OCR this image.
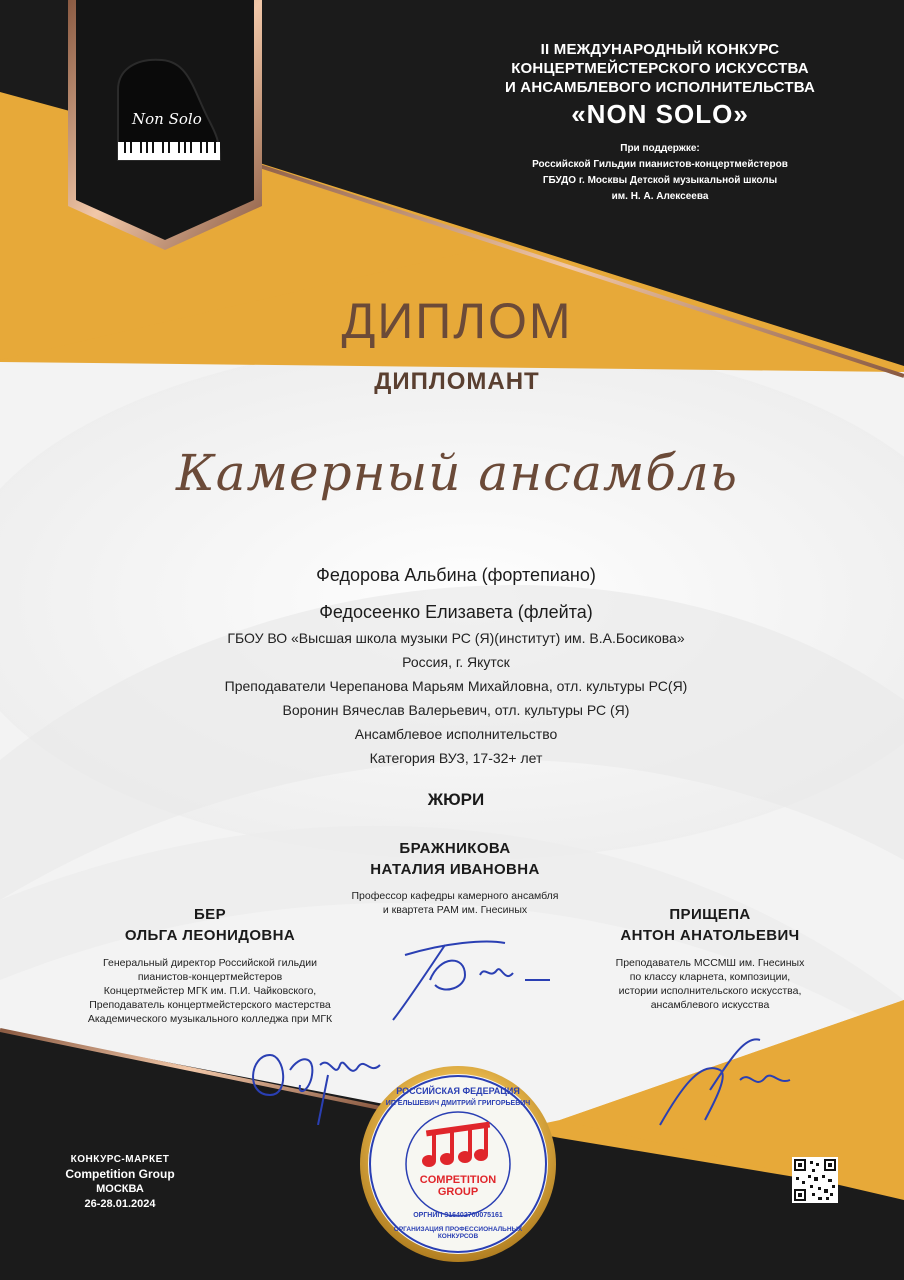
Non Solo
II МЕЖДУНАРОДНЫЙ КОНКУРС
КОНЦЕРТМЕЙСТЕРСКОГО ИСКУССТВА
И АНСАМБЛЕВОГО ИСПОЛНИТЕЛЬСТВА
«NON SOLO»
При поддержке:
Российской Гильдии пианистов-концертмейстеров
ГБУДО г. Москвы Детской музыкальной школы
им. Н. А. Алексеева
ДИПЛОМ
ДИПЛОМАНТ
Камерный ансамбль
Федорова Альбина (фортепиано)
Федосеенко Елизавета (флейта)
ГБОУ ВО «Высшая школа музыки РС (Я)(институт) им. В.А.Босикова»
Россия, г. Якутск
Преподаватели Черепанова Марьям Михайловна, отл. культуры РС(Я)
Воронин Вячеслав Валерьевич, отл. культуры РС (Я)
Ансамблевое исполнительство
Категория ВУЗ, 17-32+ лет
ЖЮРИ
БРАЖНИКОВА
НАТАЛИЯ ИВАНОВНА
Профессор кафедры камерного ансамбля
и квартета РАМ им. Гнесиных
БЕР
ОЛЬГА ЛЕОНИДОВНА
Генеральный директор Российской гильдии
пианистов-концертмейстеров
Концертмейстер МГК им. П.И. Чайковского,
Преподаватель концертмейстерского мастерства
Академического музыкального колледжа при МГК
ПРИЩЕПА
АНТОН АНАТОЛЬЕВИЧ
Преподаватель МССМШ им. Гнесиных
по классу кларнета, композиции,
истории исполнительского искусства,
ансамблевого искусства
РОССИЙСКАЯ ФЕДЕРАЦИЯ
ИП ЕЛЬШЕВИЧ ДМИТРИЙ ГРИГОРЬЕВИЧ
ОРГНИП 316402700075161
ОРГАНИЗАЦИЯ ПРОФЕССИОНАЛЬНЫХ КОНКУРСОВ
COMPETITION
GROUP
КОНКУРС-МАРКЕТ
Competition Group
МОСКВА
26-28.01.2024
